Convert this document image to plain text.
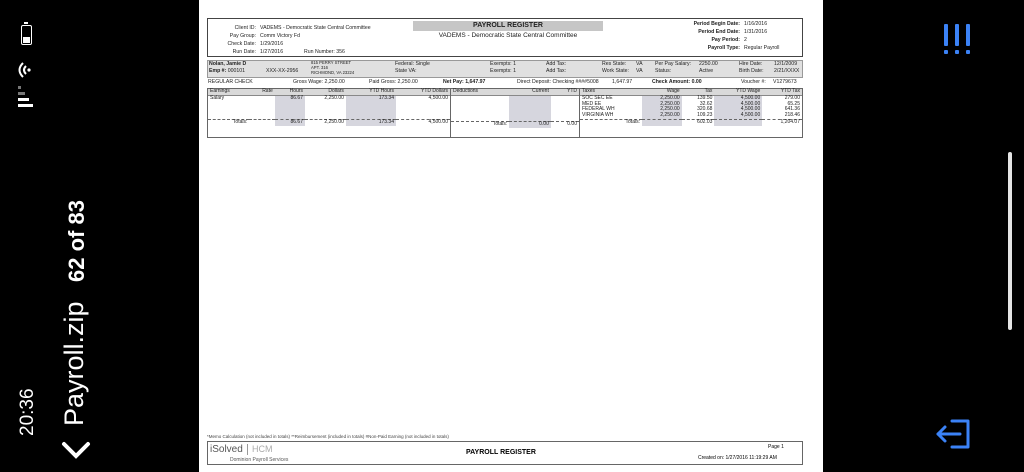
20:36 Payroll.zip
62 of 83
Client ID: VADEMS - Democratic State Central Committee
Pay Group: Comm Victory Fd
Check Date: 1/29/2016
Run Date: 1/27/2016	Run Number: 356
PAYROLL REGISTER
VADEMS - Democratic State Central Committee
Period Begin Date: 1/16/2016
Period End Date: 1/31/2016
Pay Period: 2
Payroll Type: Regular Payroll
Nolan, Jamie D
Emp #: 000101	XXX-XX-2956
815 PERRY STREET
APT. 316
RICHMOND, VA 23224
Federal: Single
State VA:
Exempts: 1
Exempts: 1
Add Tax:
Add Tax:
Res State: VA
Work State: VA
Per Pay Salary: 2250.00
Status:	Active
Hire Date: 12/1/2009
Birth Date: 2/21/XXXX
REGULAR CHECK	Gross Wage: 2,250.00	Paid Gross: 2,250.00	Net Pay: 1,647.97	Direct Deposit: Checking ####5008	1,647.97	Check Amount: 0.00	Voucher #: V1279673
Earnings	Rate	Hours	Dollars	YTD Hours	YTD Dollars
Salary		86.67	2,250.00	173.34	4,500.00

Totals:		86.67	2,250.00	173.34	4,500.00
Deductions	Current	YTD

Totals:	0.00	0.00
Taxes	Wage	Tax	YTD Wage	YTD Tax
SOC SEC EE	2,250.00	139.50	4,500.00	279.00
MED EE	2,250.00	32.62	4,500.00	65.25
FEDERAL WH	2,250.00	320.68	4,500.00	641.36
VIRGINIA WH	2,250.00	109.23	4,500.00	218.46
Totals:		602.03		1,204.07
*Memo Calculation (not included in totals) **Reimbursement (included in totals) #Non-Paid Earning (not included in totals)
iSolved	HCM
Dominion Payroll Services
PAYROLL REGISTER
Page 1
Created on: 1/27/2016 11:19:29 AM
